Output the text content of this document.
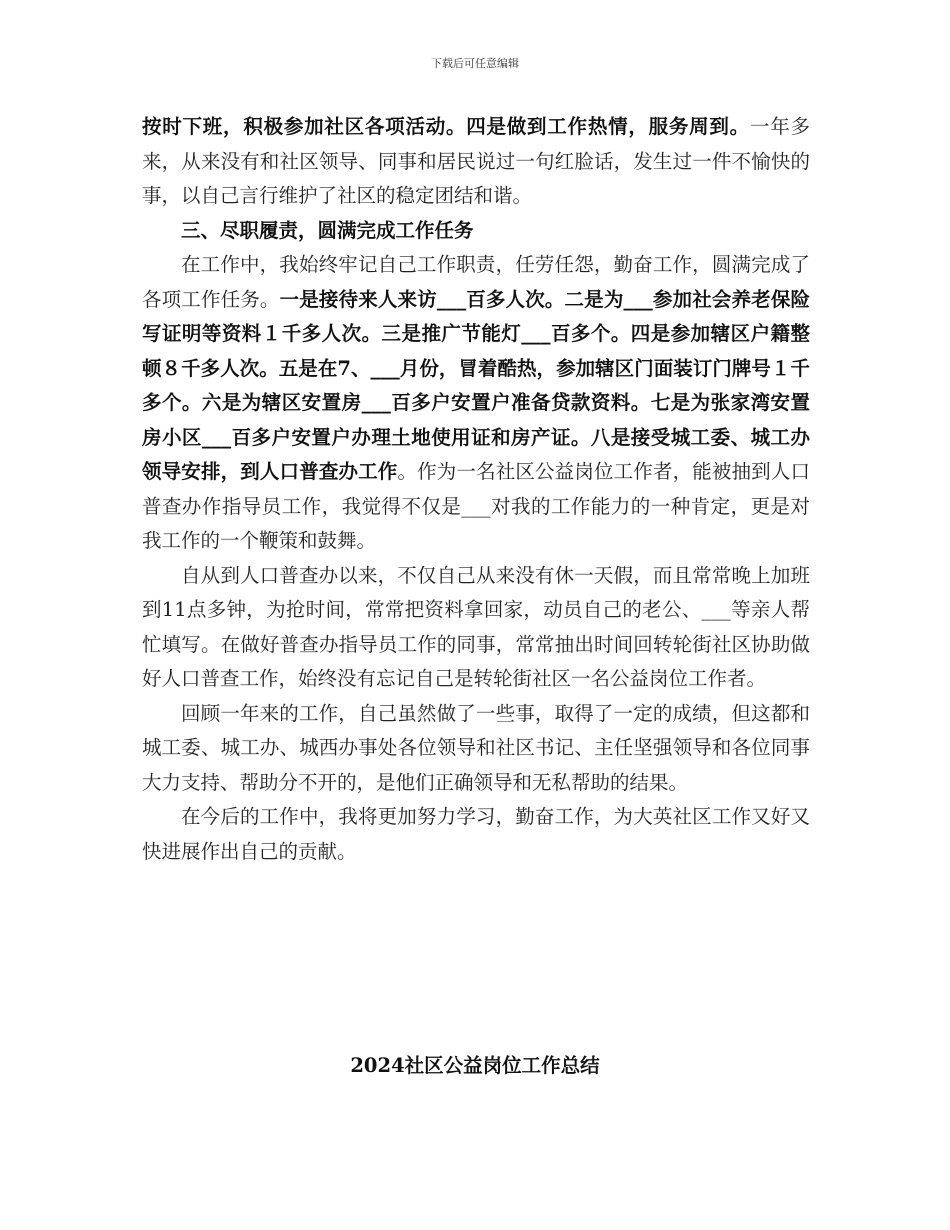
下载后可任意编辑

按时下班，积极参加社区各项活动。四是做到工作热情，服务周到。一年多来，从来没有和社区领导、同事和居民说过一句红脸话，发生过一件不愉快的事，以自己言行维护了社区的稳定团结和谐。

三、尽职履责，圆满完成工作任务

在工作中，我始终牢记自己工作职责，任劳任怨，勤奋工作，圆满完成了各项工作任务。一是接待来人来访___百多人次。二是为___参加社会养老保险写证明等资料１千多人次。三是推广节能灯___百多个。四是参加辖区户籍整顿８千多人次。五是在7、___月份，冒着酷热，参加辖区门面装订门牌号１千多个。六是为辖区安置房___百多户安置户准备贷款资料。七是为张家湾安置房小区___百多户安置户办理土地使用证和房产证。八是接受城工委、城工办领导安排，到人口普查办工作。作为一名社区公益岗位工作者，能被抽到人口普查办作指导员工作，我觉得不仅是___对我的工作能力的一种肯定，更是对我工作的一个鞭策和鼓舞。

自从到人口普查办以来，不仅自己从来没有休一天假，而且常常晚上加班到11点多钟，为抢时间，常常把资料拿回家，动员自己的老公、___等亲人帮忙填写。在做好普查办指导员工作的同事，常常抽出时间回转轮街社区协助做好人口普查工作，始终没有忘记自己是转轮街社区一名公益岗位工作者。

回顾一年来的工作，自己虽然做了一些事，取得了一定的成绩，但这都和城工委、城工办、城西办事处各位领导和社区书记、主任坚强领导和各位同事大力支持、帮助分不开的，是他们正确领导和无私帮助的结果。

在今后的工作中，我将更加努力学习，勤奋工作，为大英社区工作又好又快进展作出自己的贡献。

2024社区公益岗位工作总结
